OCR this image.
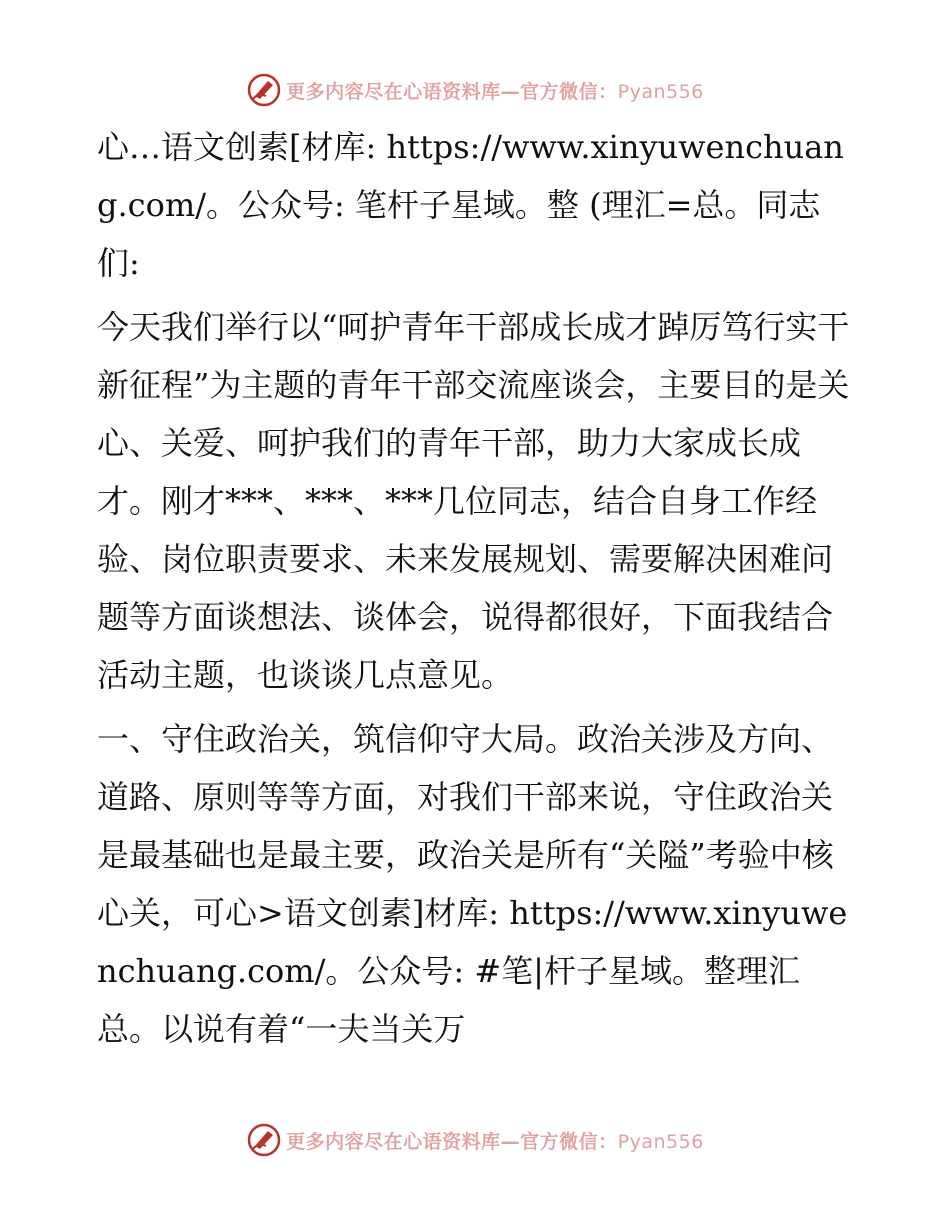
更多内容尽在心语资料库—官方微信：Pyan556

心…语文创素[材库: https://www.xinyuwenchuang.com/。公众号: 笔杆子星域。整 (理汇=总。同志们:

今天我们举行以“呵护青年干部成长成才踔厉笃行实干新征程”为主题的青年干部交流座谈会，主要目的是关心、关爱、呵护我们的青年干部，助力大家成长成才。刚才***、***、***几位同志，结合自身工作经验、岗位职责要求、未来发展规划、需要解决困难问题等方面谈想法、谈体会，说得都很好，下面我结合活动主题，也谈谈几点意见。

一、守住政治关，筑信仰守大局。政治关涉及方向、道路、原则等等方面，对我们干部来说，守住政治关是最基础也是最主要，政治关是所有“关隘”考验中核心关，可心>语文创素]材库: https://www.xinyuwenchuang.com/。公众号: #笔|杆子星域。整理汇总。以说有着“一夫当关万

更多内容尽在心语资料库—官方微信：Pyan556
